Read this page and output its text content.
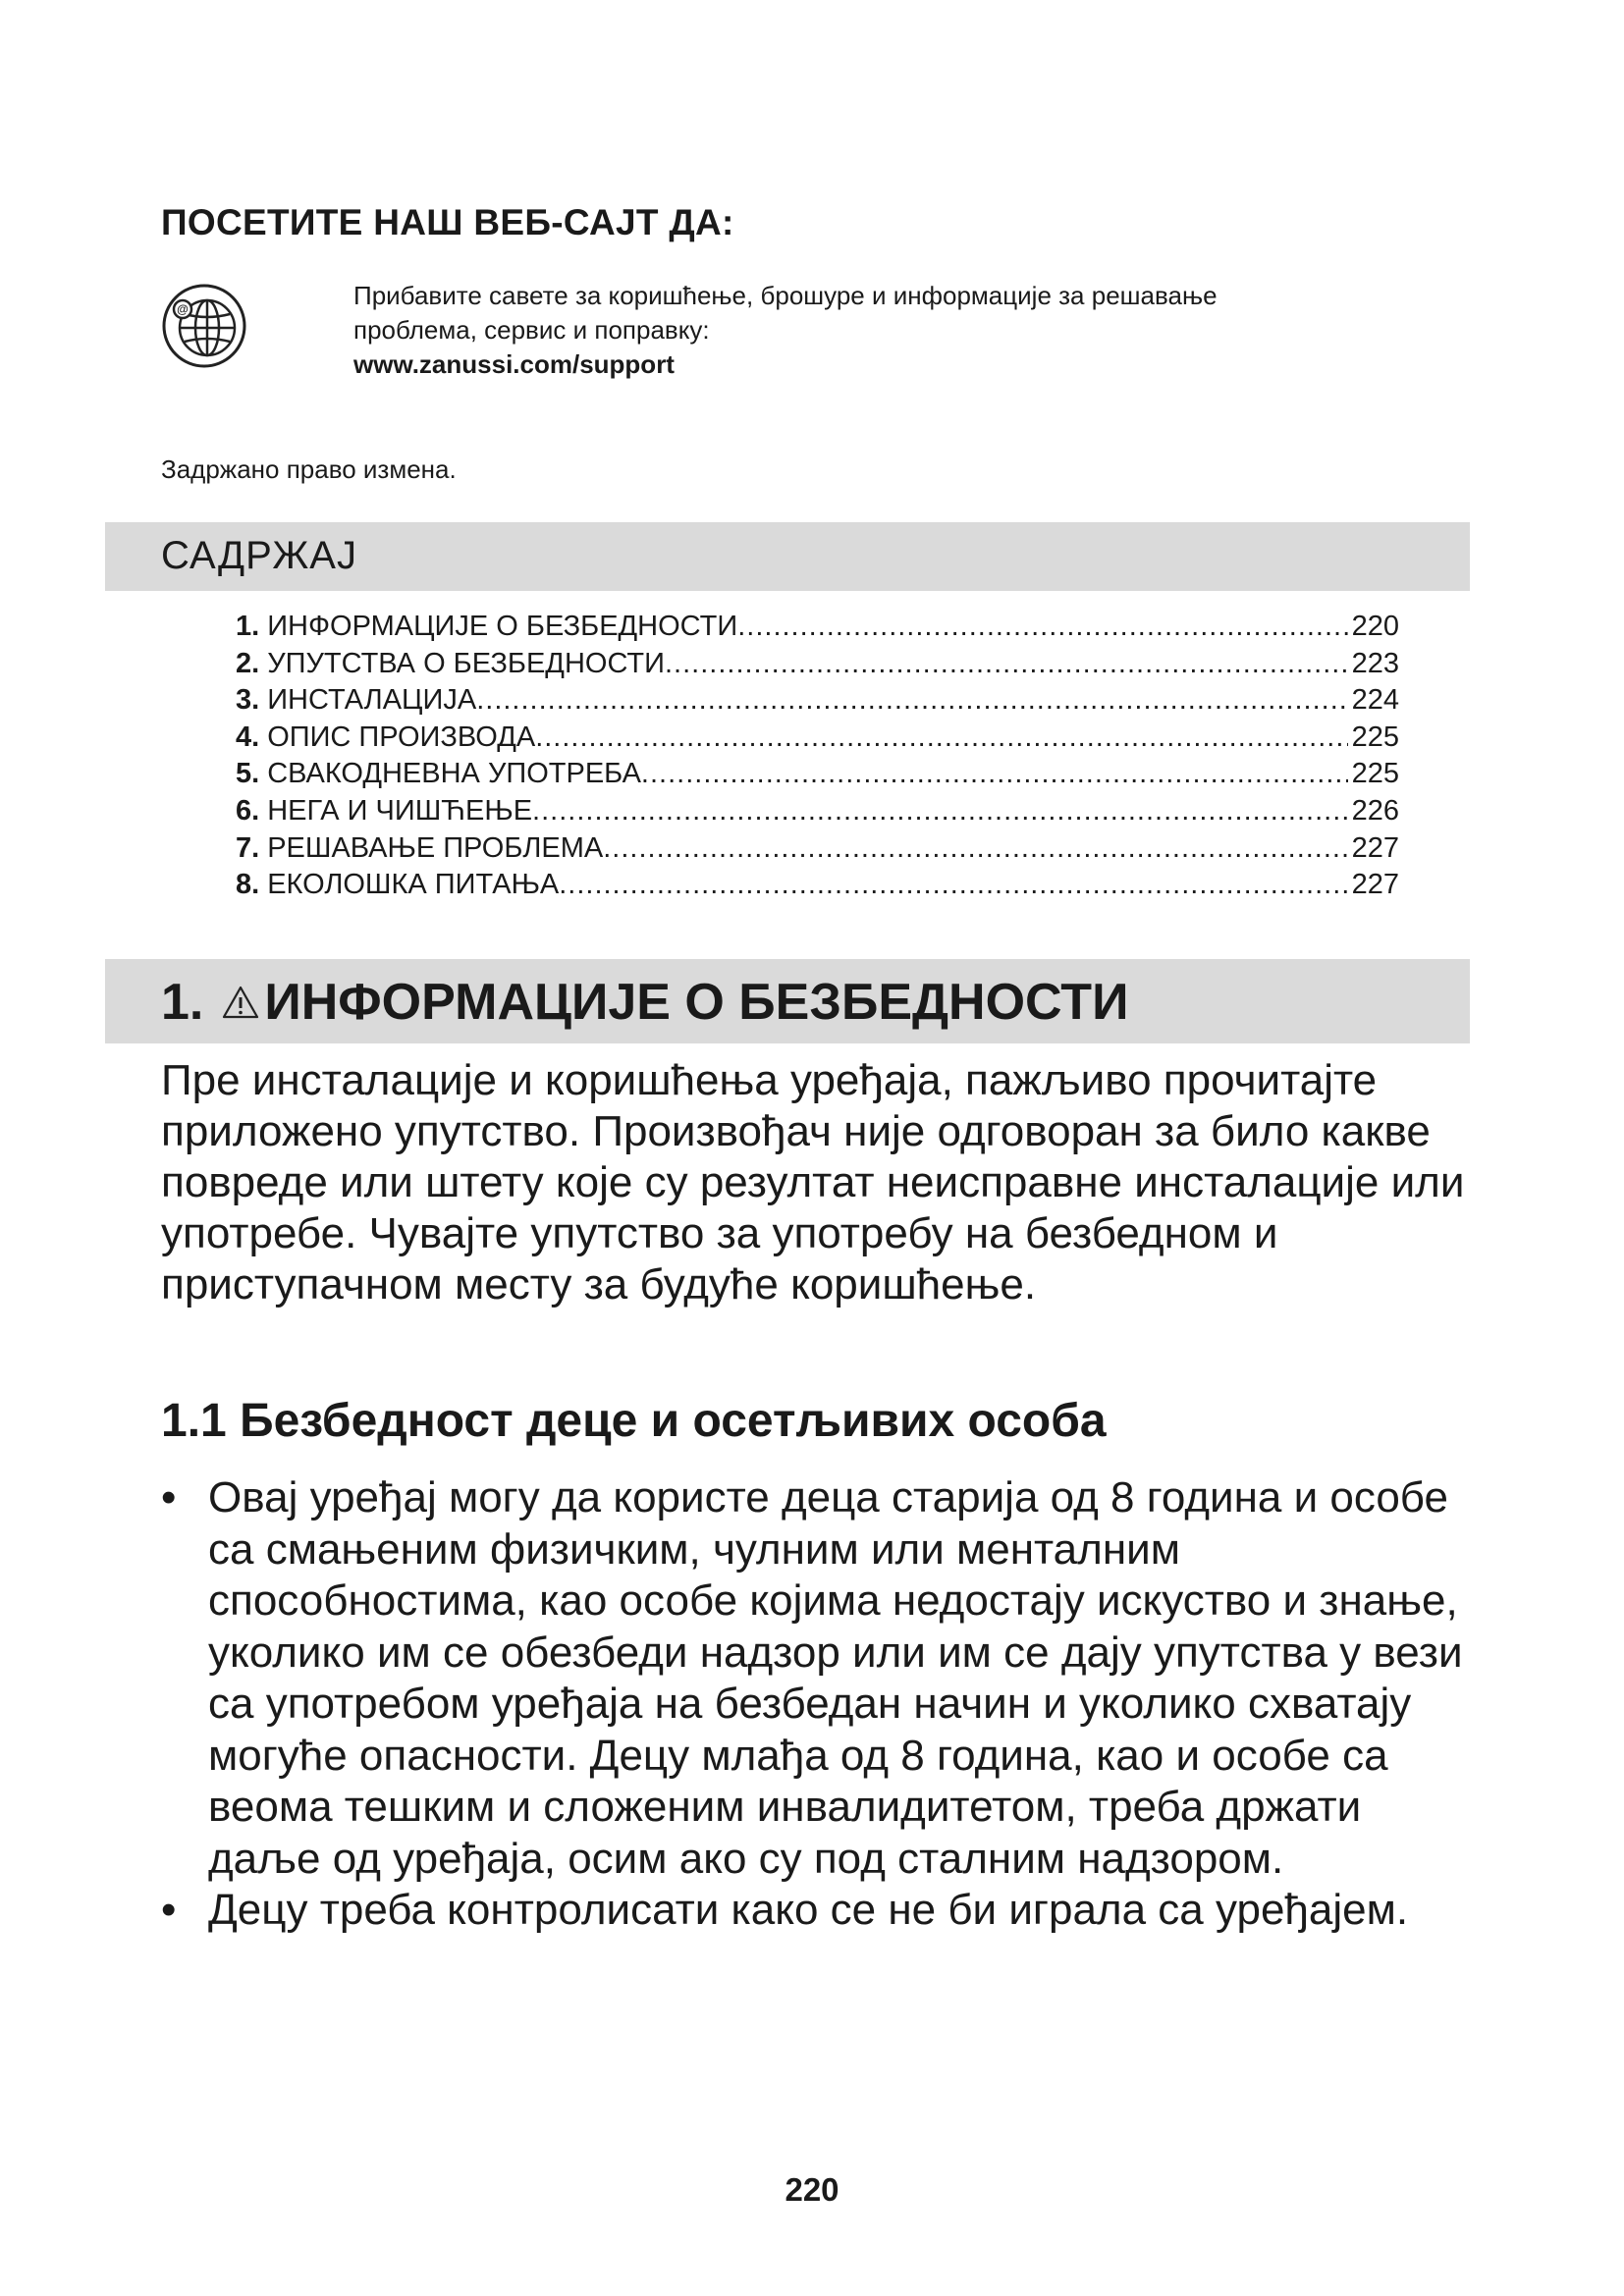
ПОСЕТИТЕ НАШ ВЕБ-САЈТ ДА:
@	Прибавите савете за коришћење, брошуре и информације за решавање
проблема, сервис и поправку:
www.zanussi.com/support
Задржано право измена.
САДРЖАЈ
1. ИНФОРМАЦИЈЕ О БЕЗБЕДНОСТИ .....	220
2. УПУТСТВА О БЕЗБЕДНОСТИ .....	223
3. ИНСТАЛАЦИЈА .....	224
4. ОПИС ПРОИЗВОДА .....	225
5. СВАКОДНЕВНА УПОТРЕБА .....	225
6. НЕГА И ЧИШЋЕЊЕ .....	226
7. РЕШАВАЊЕ ПРОБЛЕМА .....	227
8. ЕКОЛОШКА ПИТАЊА .....	227
1. ИНФОРМАЦИЈЕ О БЕЗБЕДНОСТИ
Пре инсталације и коришћења уређаја, пажљиво прочитајте приложено упутство. Произвођач није одговоран за било какве повреде или штету које су резултат неисправне инсталације или употребе. Чувајте упутство за употребу на безбедном и приступачном месту за будуће коришћење.
1.1 Безбедност деце и осетљивих особа
• Овај уређај могу да користе деца старија од 8 година и особе са смањеним физичким, чулним или менталним способностима, као особе којима недостају искуство и знање, уколико им се обезбеди надзор или им се дају упутства у вези са употребом уређаја на безбедан начин и уколико схватају могуће опасности. Децу млађа од 8 година, као и особе са веома тешким и сложеним инвалидитетом, треба држати даље од уређаја, осим ако су под сталним надзором.
• Децу треба контролисати како се не би играла са уређајем.
220
